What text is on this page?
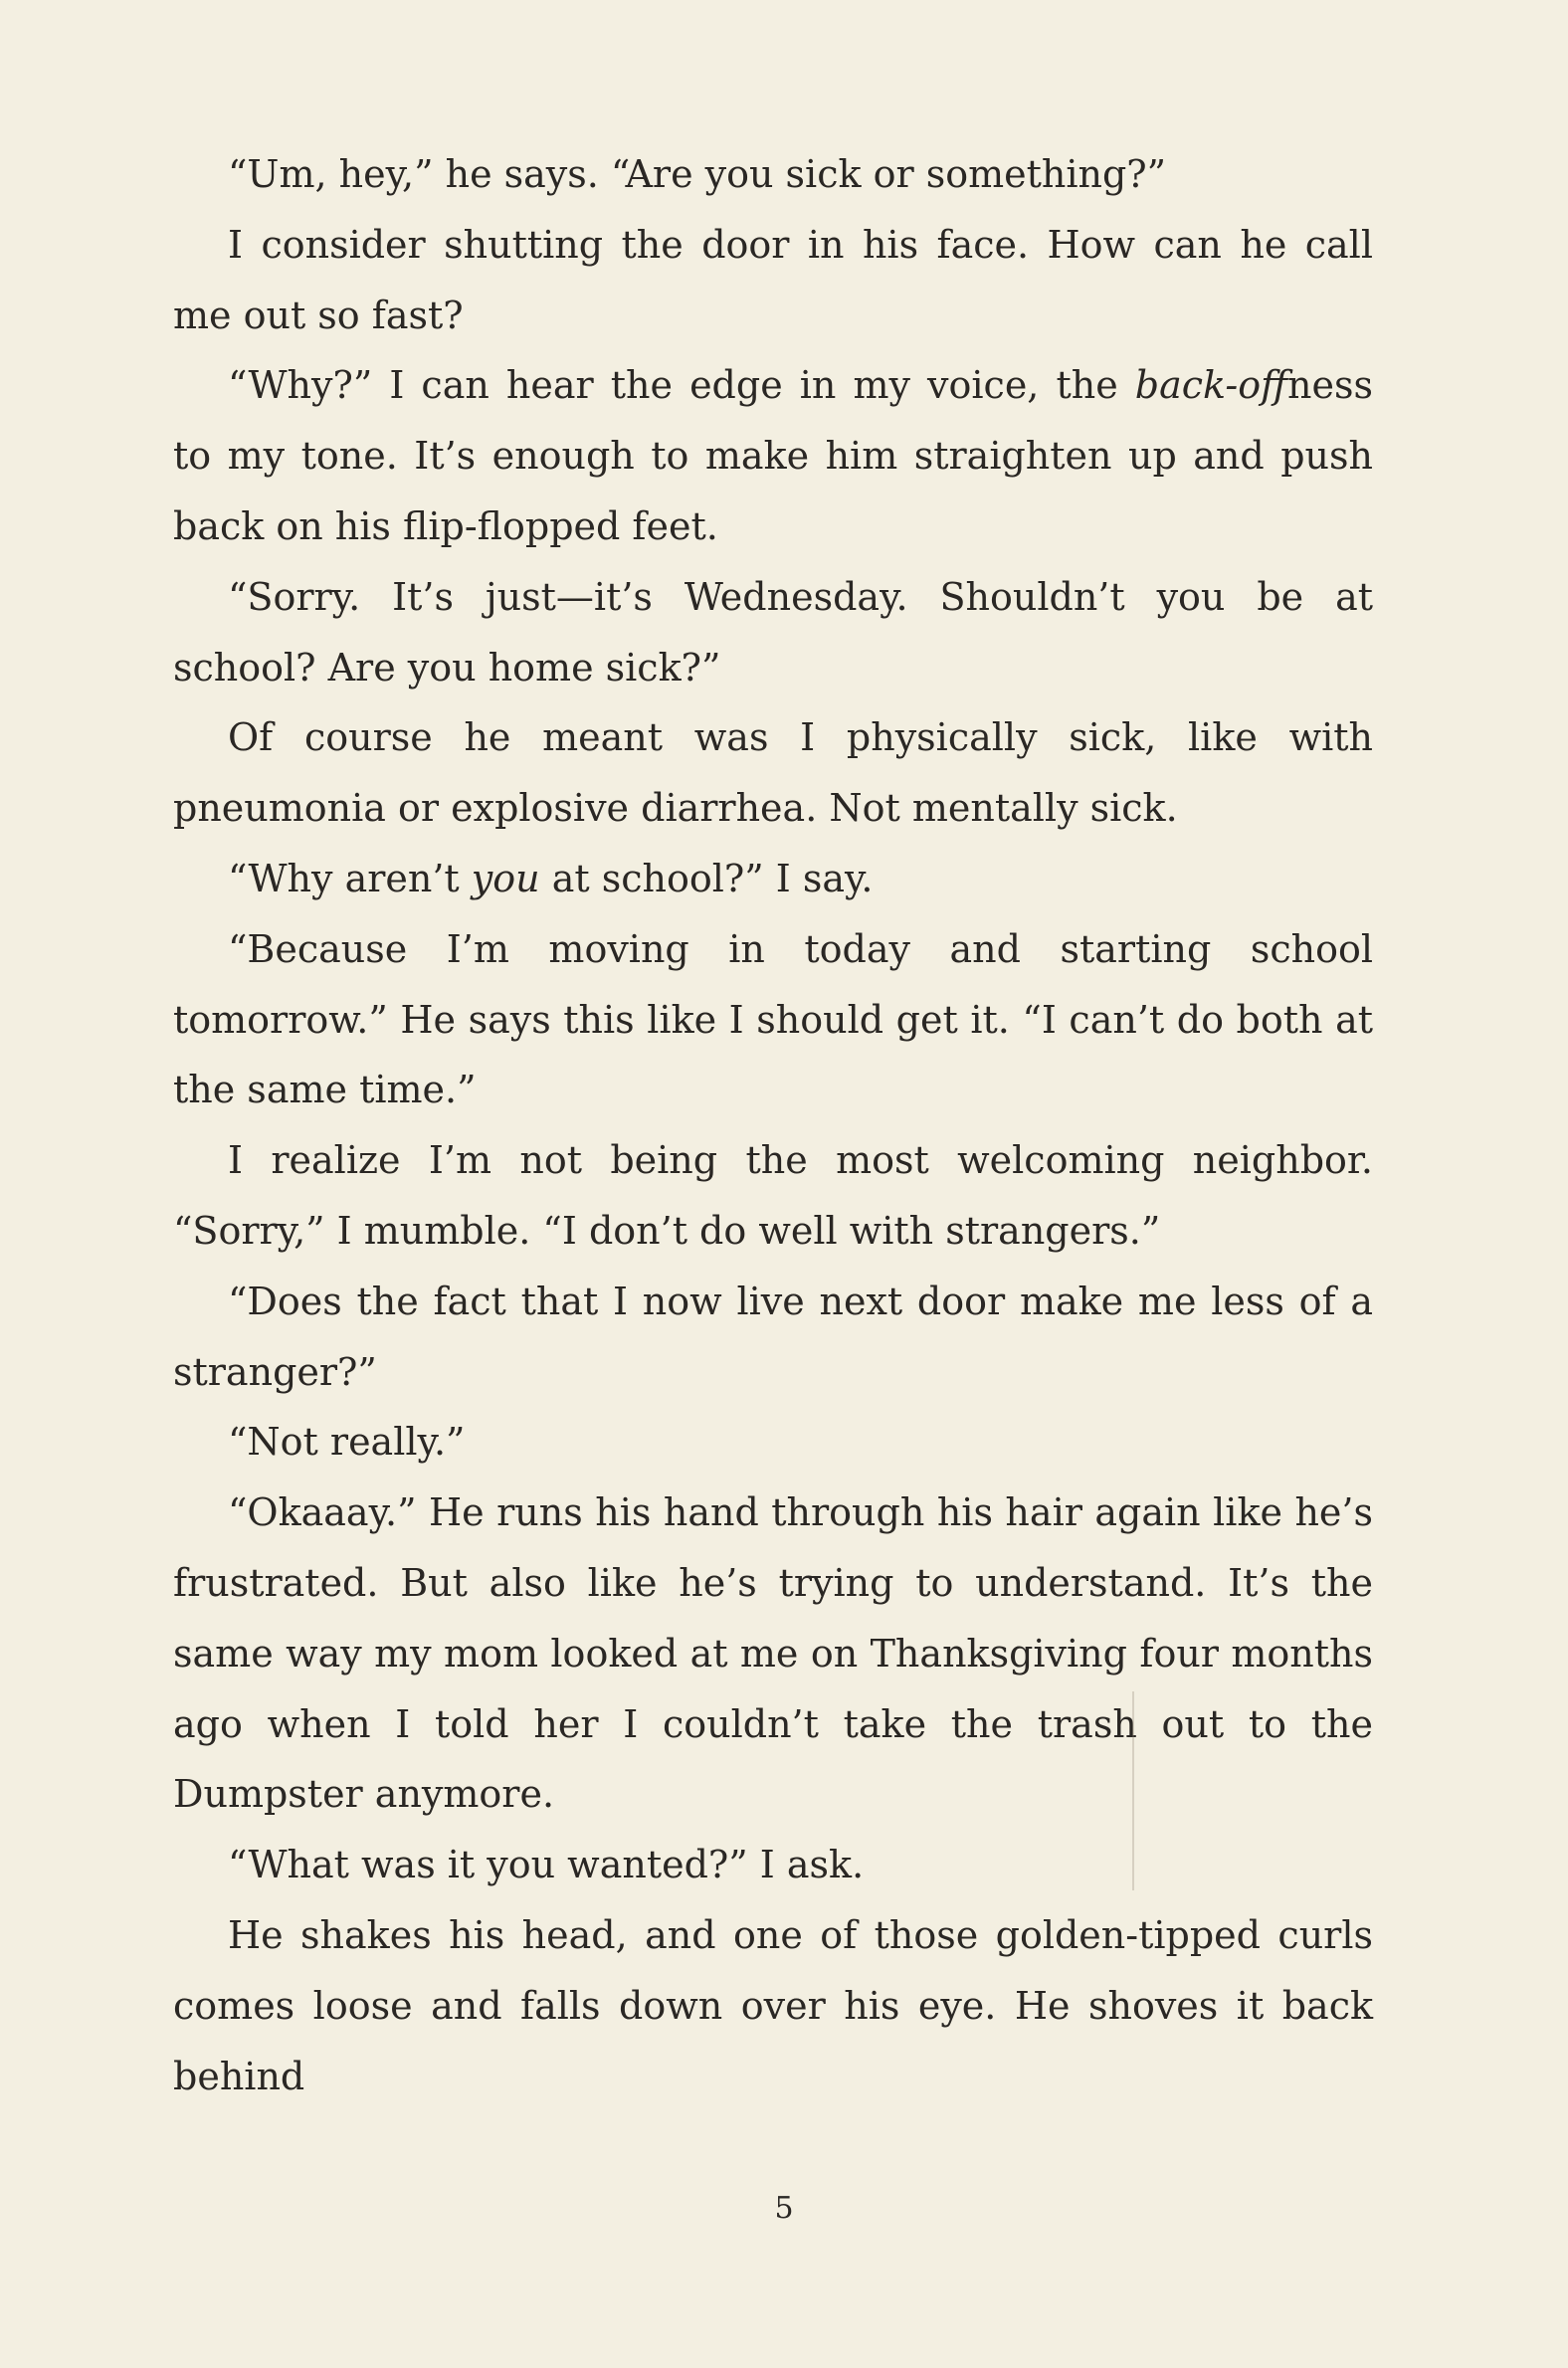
“Um, hey,” he says. “Are you sick or something?”

I consider shutting the door in his face. How can he call me out so fast?

“Why?” I can hear the edge in my voice, the back-offness to my tone. It’s enough to make him straighten up and push back on his flip-flopped feet.

“Sorry. It’s just—it’s Wednesday. Shouldn’t you be at school? Are you home sick?”

Of course he meant was I physically sick, like with pneumonia or explosive diarrhea. Not mentally sick.

“Why aren’t you at school?” I say.

“Because I’m moving in today and starting school tomorrow.” He says this like I should get it. “I can’t do both at the same time.”

I realize I’m not being the most welcoming neighbor. “Sorry,” I mumble. “I don’t do well with strangers.”

“Does the fact that I now live next door make me less of a stranger?”

“Not really.”

“Okaaay.” He runs his hand through his hair again like he’s frustrated. But also like he’s trying to understand. It’s the same way my mom looked at me on Thanksgiving four months ago when I told her I couldn’t take the trash out to the Dumpster anymore.

“What was it you wanted?” I ask.

He shakes his head, and one of those golden-tipped curls comes loose and falls down over his eye. He shoves it back behind

5
